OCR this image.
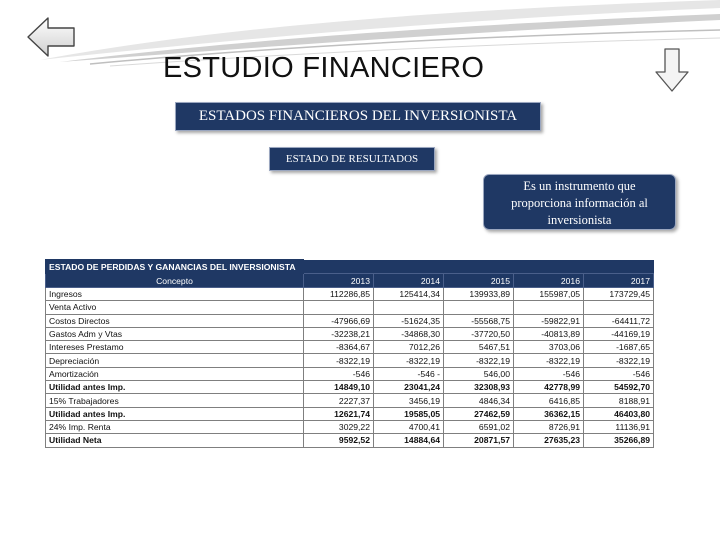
ESTUDIO FINANCIERO
ESTADOS FINANCIEROS DEL INVERSIONISTA
ESTADO DE RESULTADOS
Es un instrumento que
proporciona información al
inversionista
ESTADO DE PERDIDAS Y GANANCIAS DEL INVERSIONISTA					
Concepto	2013	2014	2015	2016	2017
Ingresos	112286,85	125414,34	139933,89	155987,05	173729,45
Venta Activo					
Costos Directos	-47966,69	-51624,35	-55568,75	-59822,91	-64411,72
Gastos Adm y Vtas	-32238,21	-34868,30	-37720,50	-40813,89	-44169,19
Intereses Prestamo	-8364,67	7012,26	5467,51	3703,06	-1687,65
Depreciación	-8322,19	-8322,19	-8322,19	-8322,19	-8322,19
Amortización	-546	-546 -	546,00	-546	-546
Utilidad antes Imp.	14849,10	23041,24	32308,93	42778,99	54592,70
15% Trabajadores	2227,37	3456,19	4846,34	6416,85	8188,91
Utilidad antes Imp.	12621,74	19585,05	27462,59	36362,15	46403,80
24% Imp. Renta	3029,22	4700,41	6591,02	8726,91	11136,91
Utilidad Neta	9592,52	14884,64	20871,57	27635,23	35266,89
